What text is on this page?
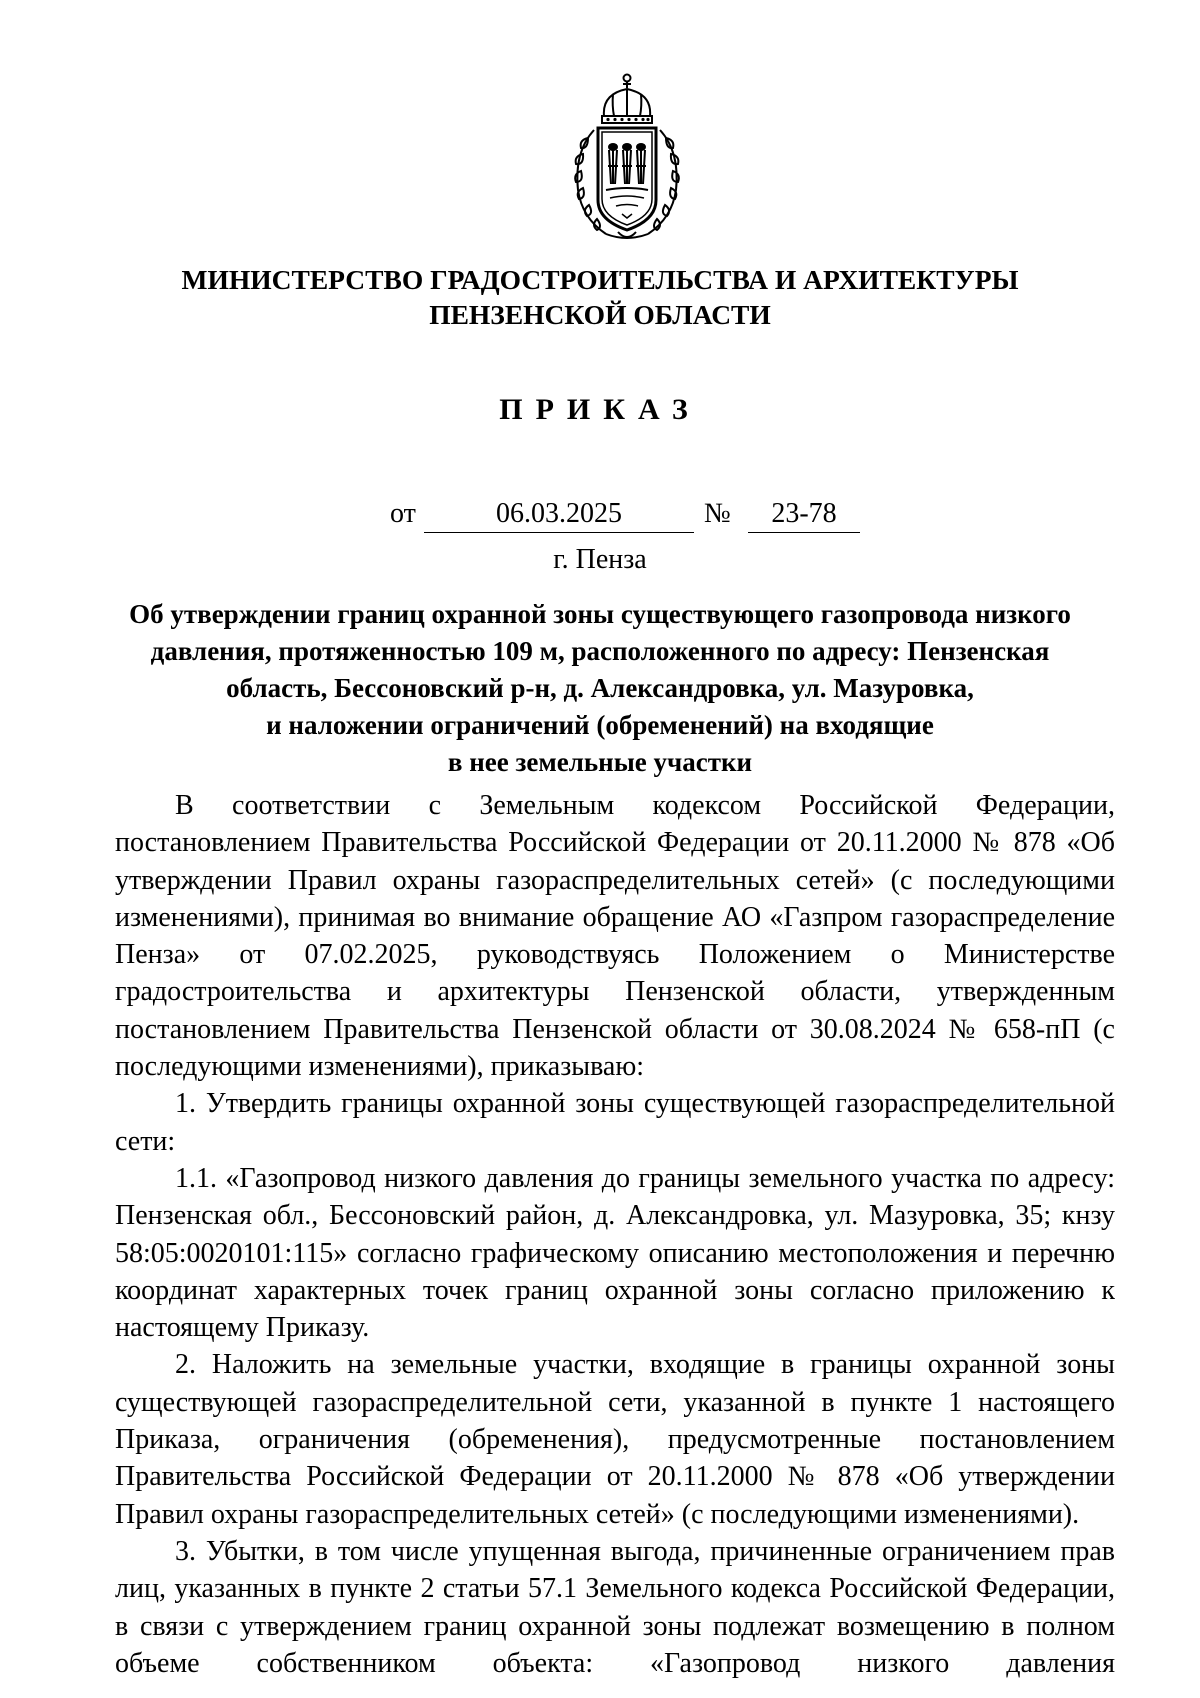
МИНИСТЕРСТВО ГРАДОСТРОИТЕЛЬСТВА И АРХИТЕКТУРЫ
ПЕНЗЕНСКОЙ ОБЛАСТИ
ПРИКАЗ
от	06.03.2025	№	23-78
г. Пенза
Об утверждении границ охранной зоны существующего газопровода низкого
давления, протяженностью 109 м, расположенного по адресу: Пензенская
область, Бессоновский р-н, д. Александровка, ул. Мазуровка,
и наложении ограничений (обременений) на входящие
в нее земельные участки

В соответствии с Земельным кодексом Российской Федерации, постановлением Правительства Российской Федерации от 20.11.2000 № 878 «Об утверждении Правил охраны газораспределительных сетей» (с последующими изменениями), принимая во внимание обращение АО «Газпром газораспределение Пенза» от 07.02.2025, руководствуясь Положением о Министерстве градостроительства и архитектуры Пензенской области, утвержденным постановлением Правительства Пензенской области от 30.08.2024 № 658-пП (с последующими изменениями), приказываю:

1. Утвердить границы охранной зоны существующей газораспределительной сети:

1.1. «Газопровод низкого давления до границы земельного участка по адресу: Пензенская обл., Бессоновский район, д. Александровка, ул. Мазуровка, 35; кнзу 58:05:0020101:115» согласно графическому описанию местоположения и перечню координат характерных точек границ охранной зоны согласно приложению к настоящему Приказу.

2. Наложить на земельные участки, входящие в границы охранной зоны существующей газораспределительной сети, указанной в пункте 1 настоящего Приказа, ограничения (обременения), предусмотренные постановлением Правительства Российской Федерации от 20.11.2000 № 878 «Об утверждении Правил охраны газораспределительных сетей» (с последующими изменениями).

3. Убытки, в том числе упущенная выгода, причиненные ограничением прав лиц, указанных в пункте 2 статьи 57.1 Земельного кодекса Российской Федерации, в связи с утверждением границ охранной зоны подлежат возмещению в полном объеме собственником объекта: «Газопровод низкого давления
